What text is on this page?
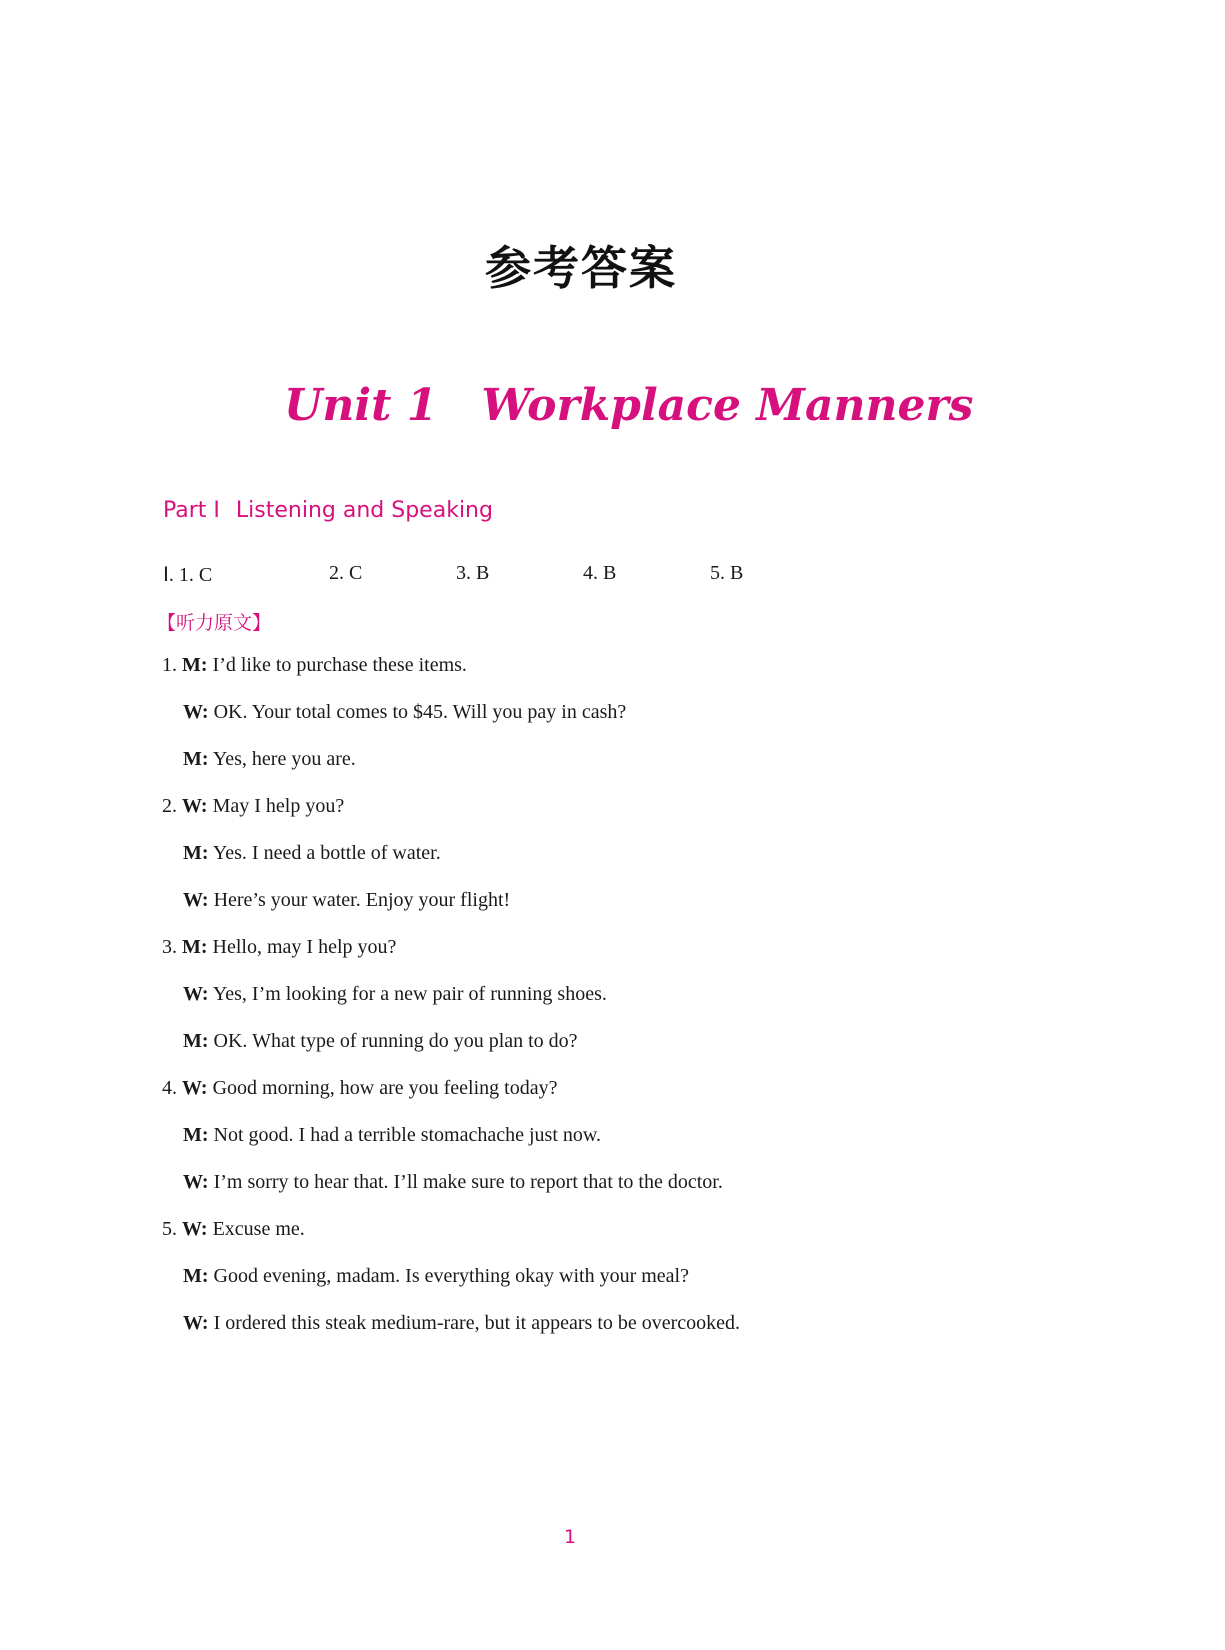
参考答案
Unit 1 Workplace Manners
Part I Listening and Speaking
Ⅰ. 1. C	2. C	3. B	4. B	5. B
【听力原文】
1. M: I’d like to purchase these items.
W: OK. Your total comes to $45. Will you pay in cash?
M: Yes, here you are.
2. W: May I help you?
M: Yes. I need a bottle of water.
W: Here’s your water. Enjoy your flight!
3. M: Hello, may I help you?
W: Yes, I’m looking for a new pair of running shoes.
M: OK. What type of running do you plan to do?
4. W: Good morning, how are you feeling today?
M: Not good. I had a terrible stomachache just now.
W: I’m sorry to hear that. I’ll make sure to report that to the doctor.
5. W: Excuse me.
M: Good evening, madam. Is everything okay with your meal?
W: I ordered this steak medium-rare, but it appears to be overcooked.
1
